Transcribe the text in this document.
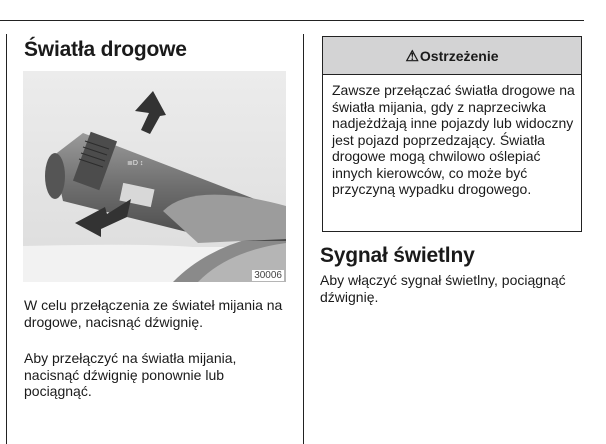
Światła drogowe
≣D ↕
30006

W celu przełączenia ze świateł mijania na drogowe, nacisnąć dźwignię.

Aby przełączyć na światła mijania, nacisnąć dźwignię ponownie lub pociągnąć.

⚠ Ostrzeżenie
Zawsze przełączać światła drogowe na światła mijania, gdy z naprzeciwka nadjeżdżają inne pojazdy lub widoczny jest pojazd poprzedzający. Światła drogowe mogą chwilowo oślepiać innych kierowców, co może być przyczyną wypadku drogowego.
Sygnał świetlny

Aby włączyć sygnał świetlny, pociągnąć dźwignię.
